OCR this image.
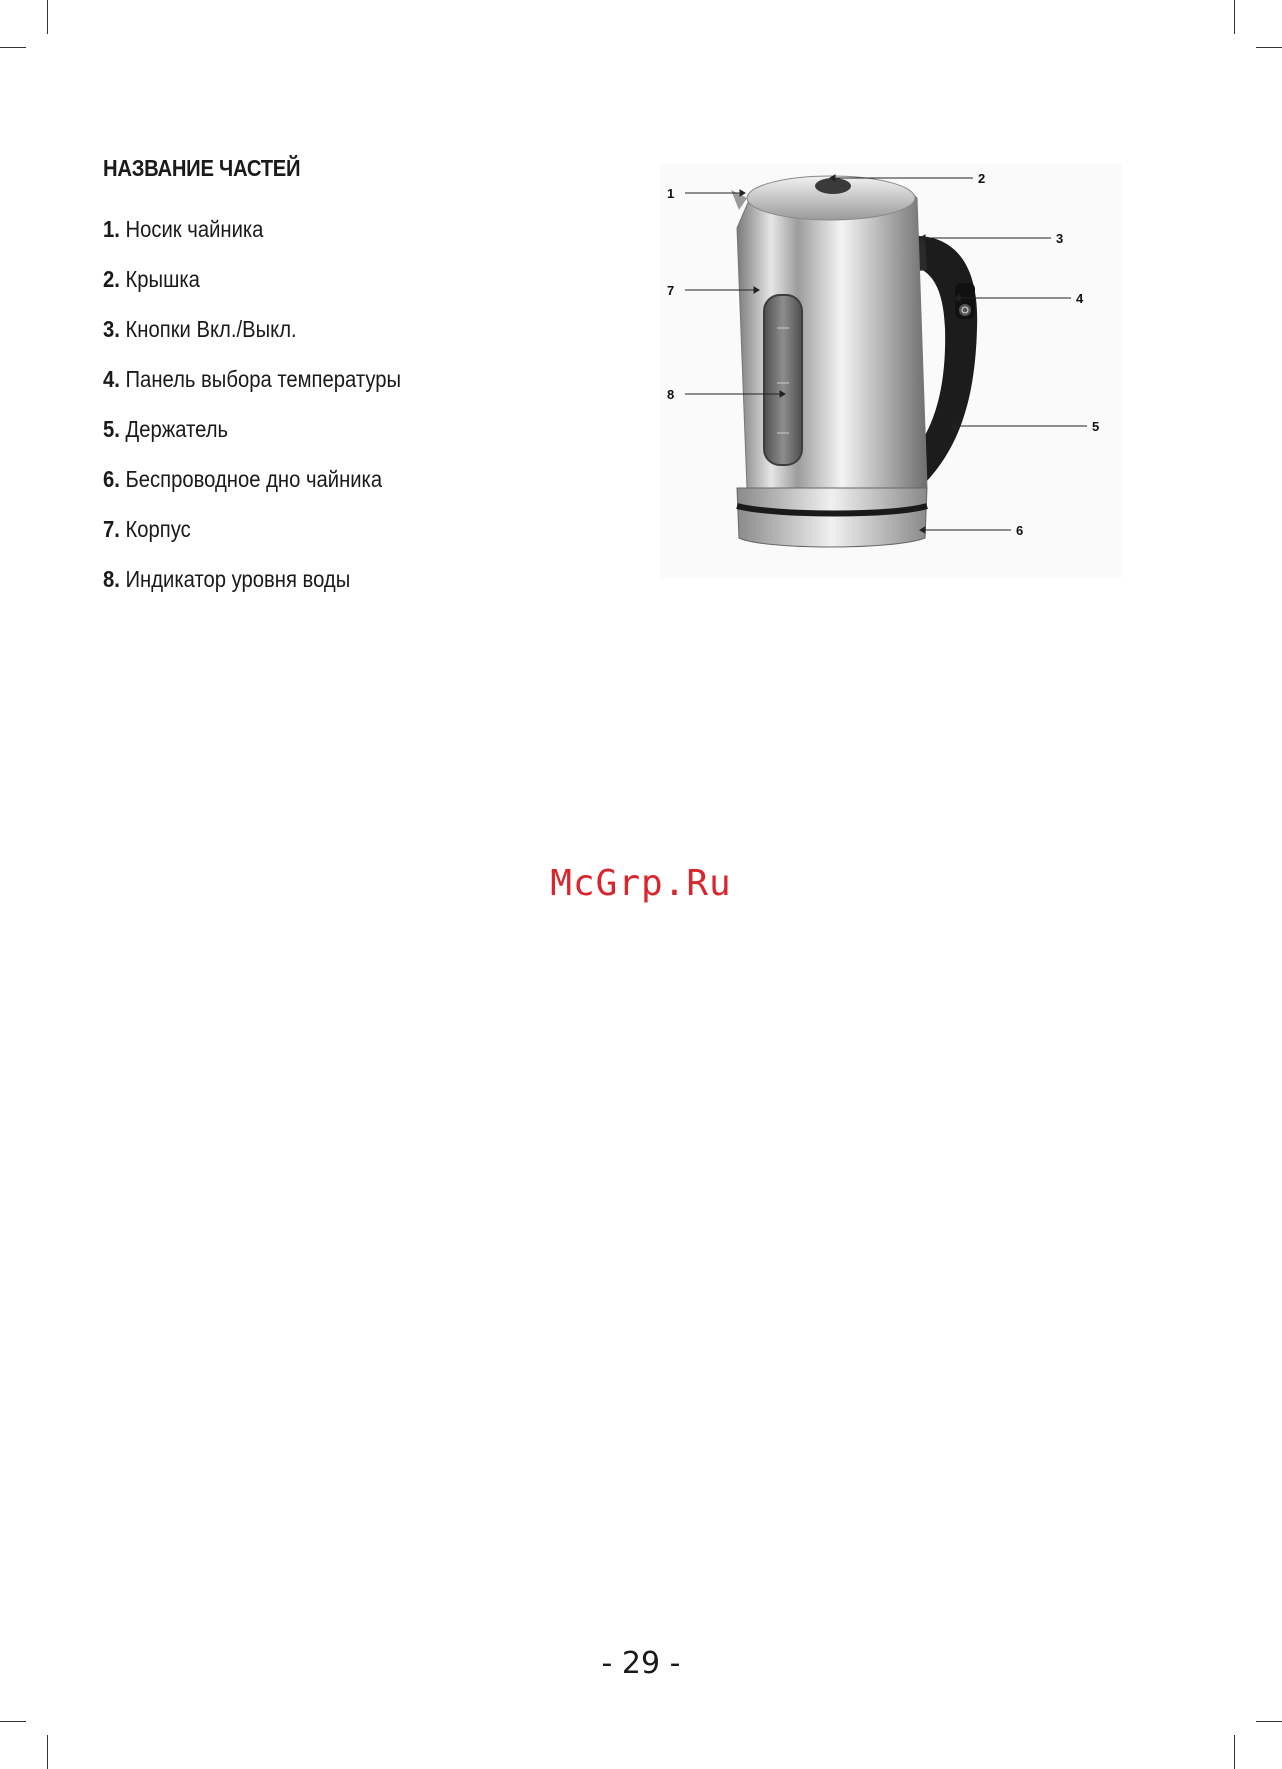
НАЗВАНИЕ ЧАСТЕЙ
1. Носик чайника
2. Крышка
3. Кнопки Вкл./Выкл.
4. Панель выбора температуры
5. Держатель
6. Беспроводное дно чайника
7. Корпус
8. Индикатор уровня воды
1
2
3
4
5
6
7
8
McGrp.Ru
- 29 -
